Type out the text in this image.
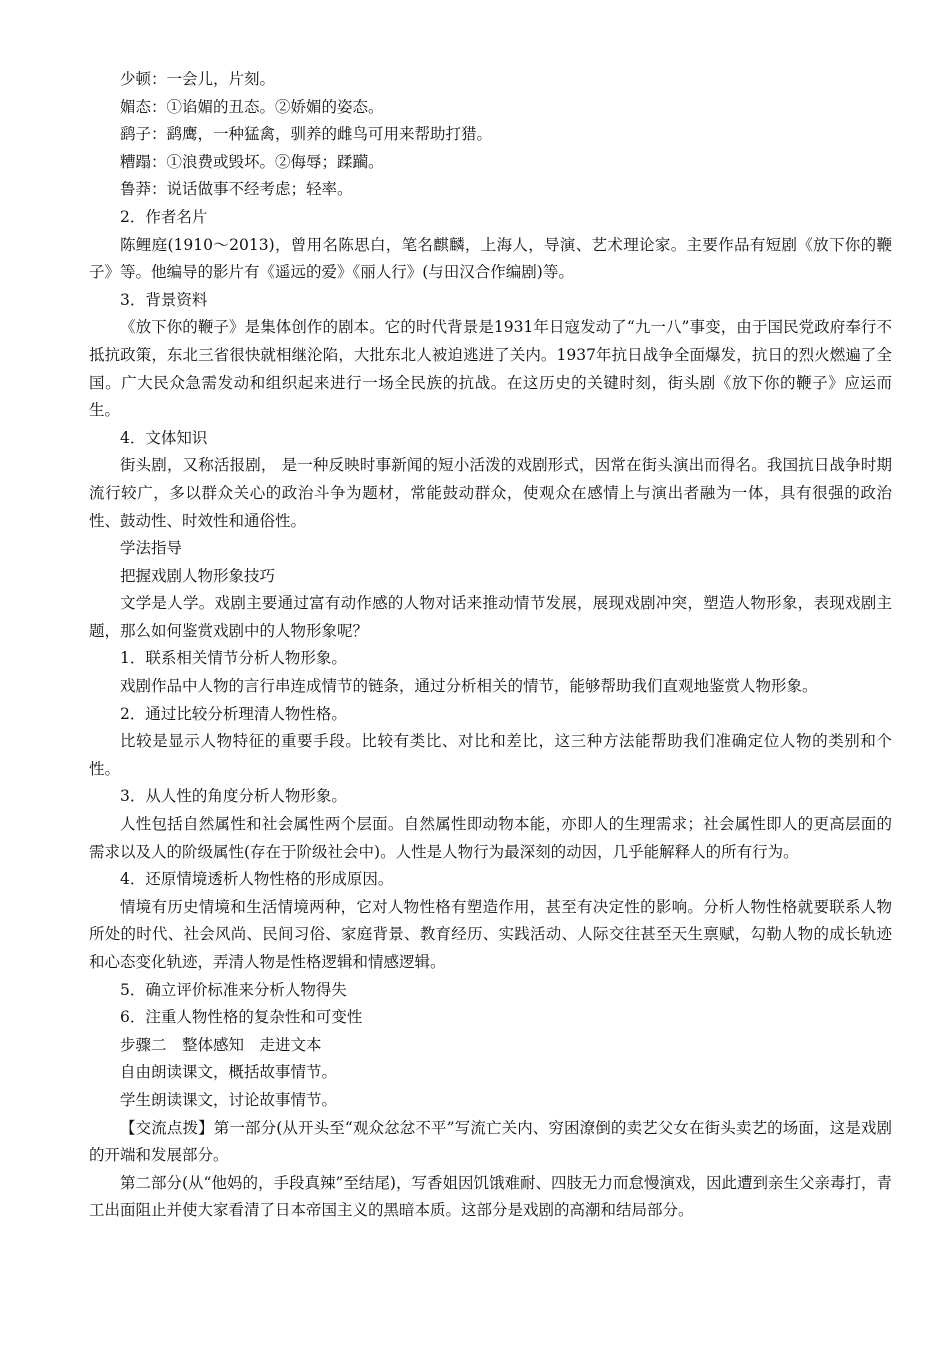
少顿：一会儿，片刻。

媚态：①谄媚的丑态。②娇媚的姿态。

鹞子：鹞鹰，一种猛禽，驯养的雌鸟可用来帮助打猎。

糟蹋：①浪费或毁坏。②侮辱；蹂躏。

鲁莽：说话做事不经考虑；轻率。

2．作者名片

陈鲤庭(1910～2013)，曾用名陈思白，笔名麒麟，上海人，导演、艺术理论家。主要作品有短剧《放下你的鞭子》等。他编导的影片有《遥远的爱》《丽人行》(与田汉合作编剧)等。

3．背景资料

《放下你的鞭子》是集体创作的剧本。它的时代背景是1931年日寇发动了“九一八”事变，由于国民党政府奉行不抵抗政策，东北三省很快就相继沦陷，大批东北人被迫逃进了关内。1937年抗日战争全面爆发，抗日的烈火燃遍了全国。广大民众急需发动和组织起来进行一场全民族的抗战。在这历史的关键时刻，街头剧《放下你的鞭子》应运而生。

4．文体知识

街头剧，又称活报剧， 是一种反映时事新闻的短小活泼的戏剧形式，因常在街头演出而得名。我国抗日战争时期流行较广，多以群众关心的政治斗争为题材，常能鼓动群众，使观众在感情上与演出者融为一体，具有很强的政治性、鼓动性、时效性和通俗性。

学法指导

把握戏剧人物形象技巧

文学是人学。戏剧主要通过富有动作感的人物对话来推动情节发展，展现戏剧冲突，塑造人物形象，表现戏剧主题，那么如何鉴赏戏剧中的人物形象呢？

1．联系相关情节分析人物形象。

戏剧作品中人物的言行串连成情节的链条，通过分析相关的情节，能够帮助我们直观地鉴赏人物形象。

2．通过比较分析理清人物性格。

比较是显示人物特征的重要手段。比较有类比、对比和差比，这三种方法能帮助我们准确定位人物的类别和个性。

3．从人性的角度分析人物形象。

人性包括自然属性和社会属性两个层面。自然属性即动物本能，亦即人的生理需求；社会属性即人的更高层面的需求以及人的阶级属性(存在于阶级社会中)。人性是人物行为最深刻的动因，几乎能解释人的所有行为。

4．还原情境透析人物性格的形成原因。

情境有历史情境和生活情境两种，它对人物性格有塑造作用，甚至有决定性的影响。分析人物性格就要联系人物所处的时代、社会风尚、民间习俗、家庭背景、教育经历、实践活动、人际交往甚至天生禀赋，勾勒人物的成长轨迹和心态变化轨迹，弄清人物是性格逻辑和情感逻辑。

5．确立评价标准来分析人物得失

6．注重人物性格的复杂性和可变性

步骤二　整体感知　走进文本

自由朗读课文，概括故事情节。

学生朗读课文，讨论故事情节。

【交流点拨】第一部分(从开头至“观众忿忿不平”写流亡关内、穷困潦倒的卖艺父女在街头卖艺的场面，这是戏剧的开端和发展部分。

第二部分(从“他妈的，手段真辣”至结尾)，写香姐因饥饿难耐、四肢无力而怠慢演戏，因此遭到亲生父亲毒打，青工出面阻止并使大家看清了日本帝国主义的黑暗本质。这部分是戏剧的高潮和结局部分。
